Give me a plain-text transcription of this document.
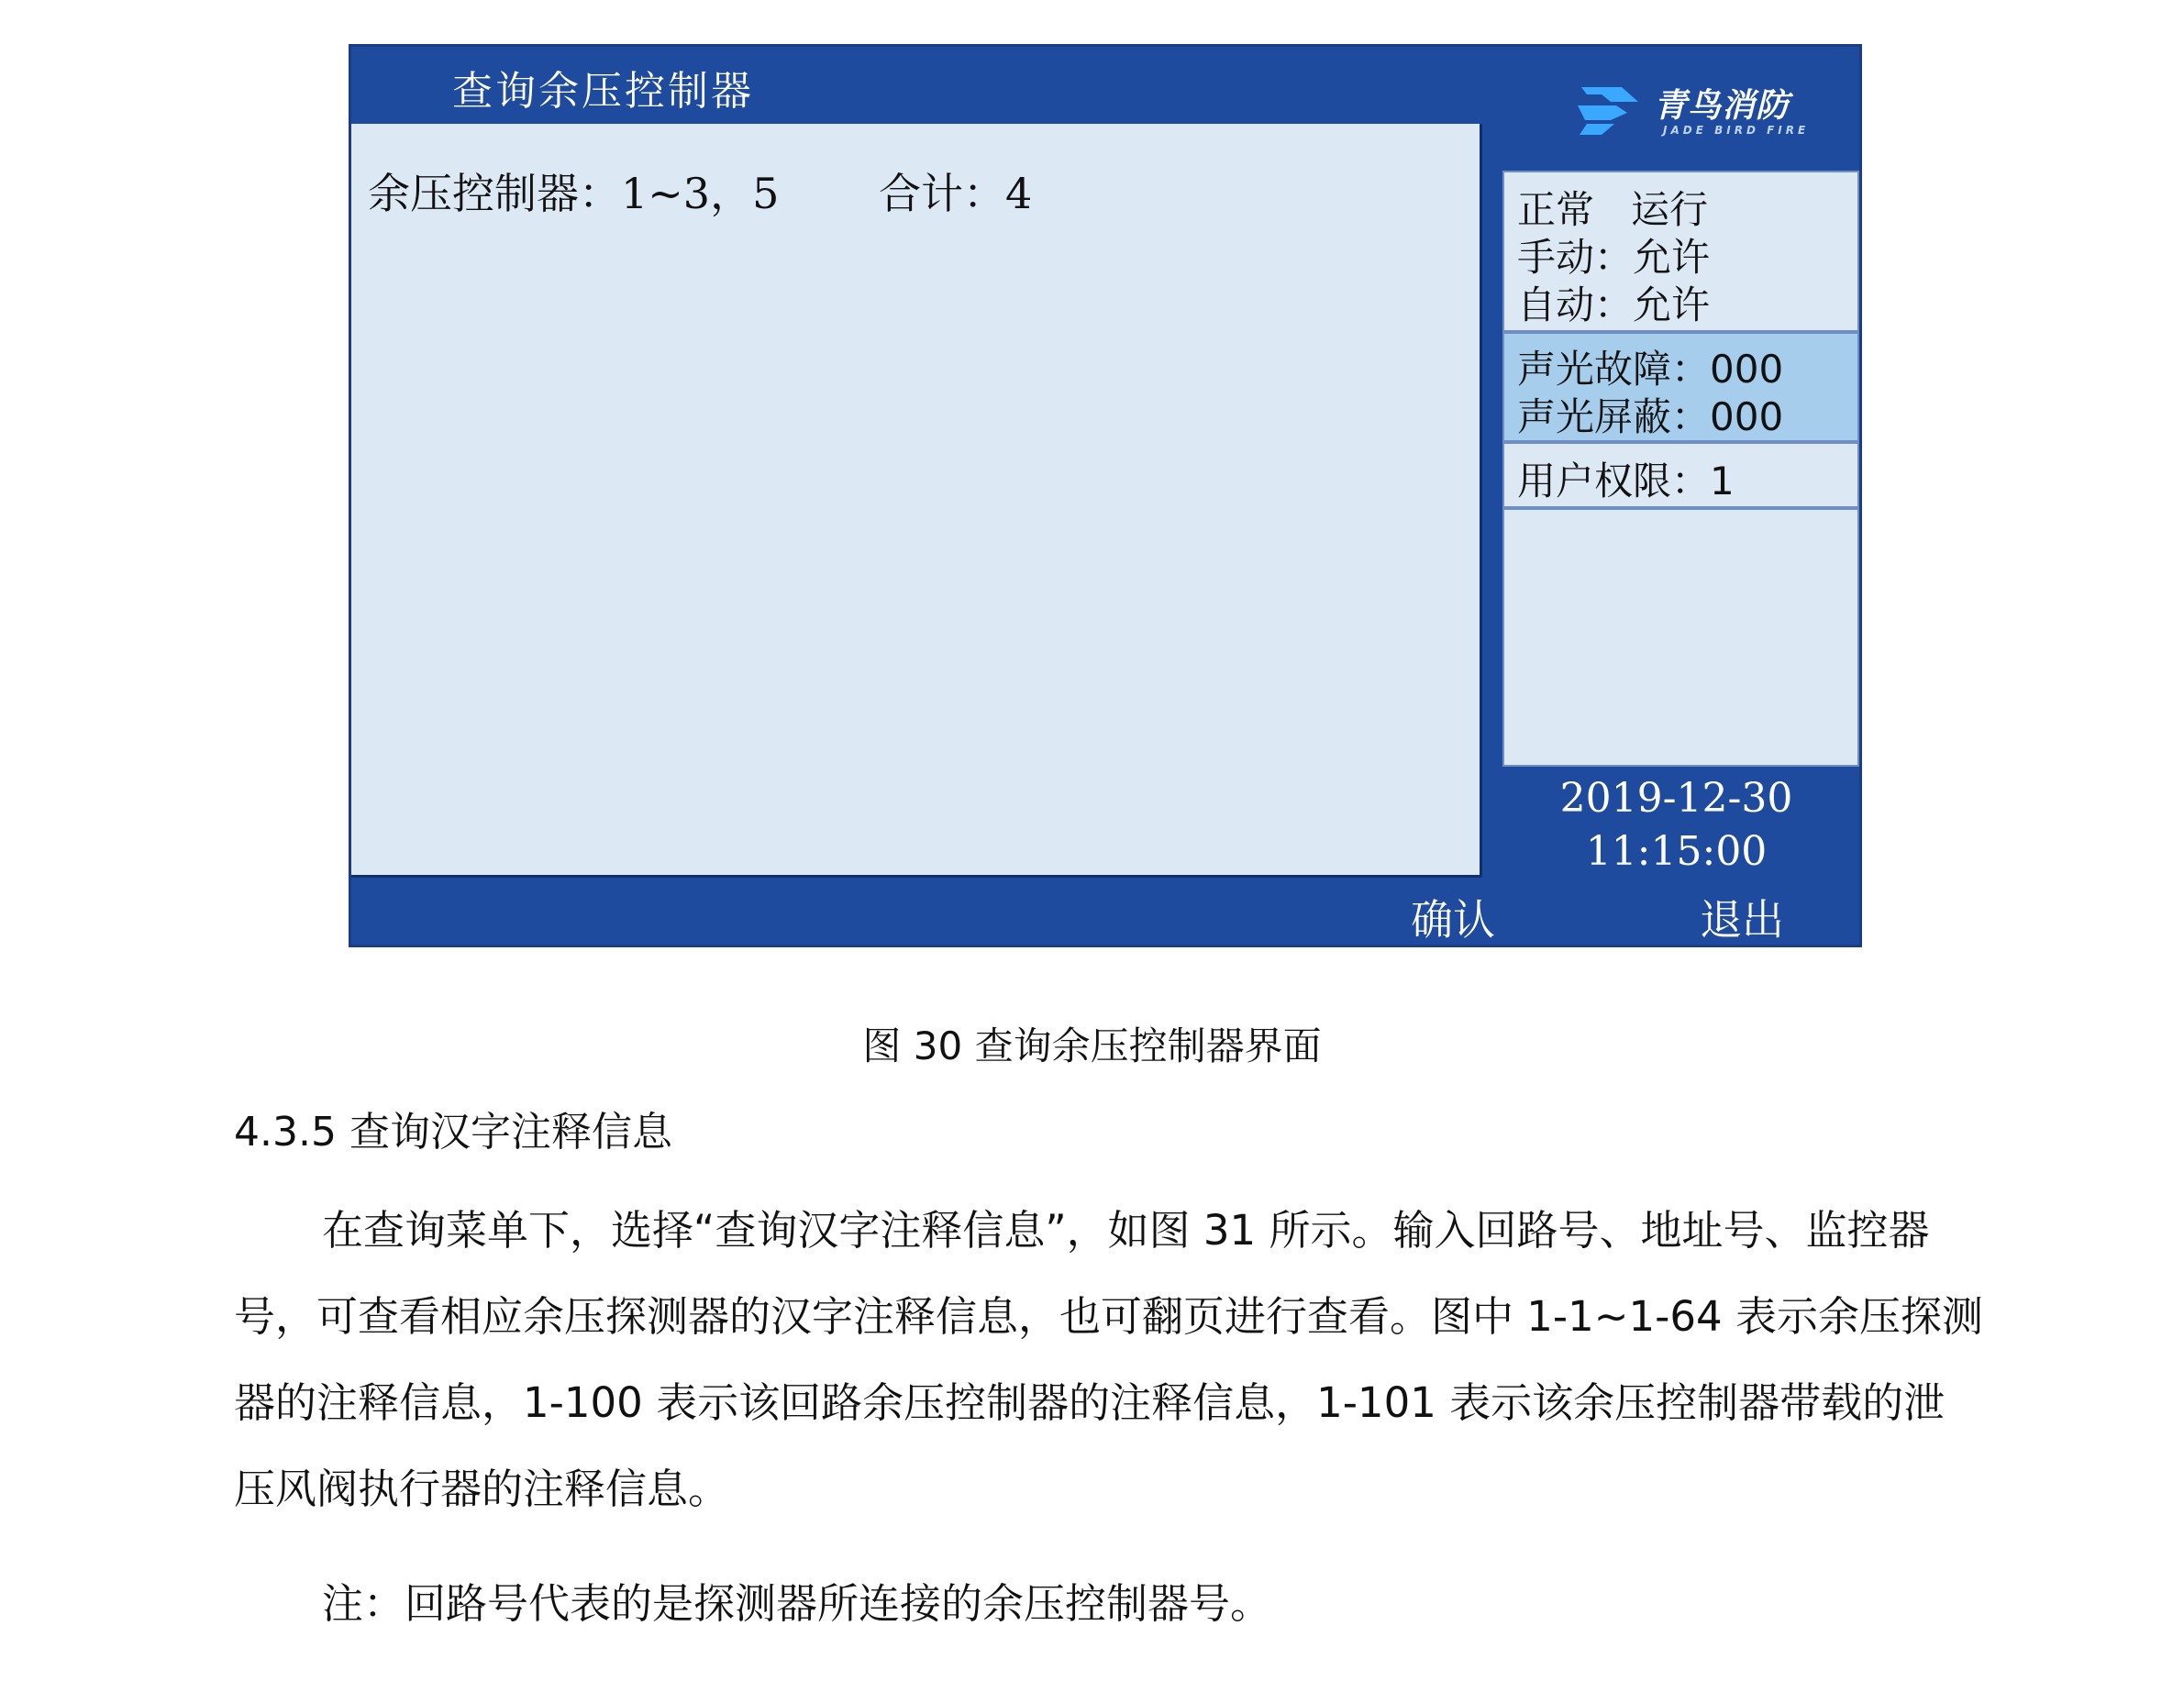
查询余压控制器
余压控制器：1~3，5 合计：4
青鸟消防
JADE BIRD FIRE
正常   运行
手动：允许
自动：允许
声光故障：000
声光屏蔽：000
用户权限：1
2019-12-30
11:15:00
确认	退出
图 30 查询余压控制器界面
4.3.5 查询汉字注释信息

在查询菜单下，选择“查询汉字注释信息”，如图 31 所示。输入回路号、地址号、监控器号，可查看相应余压探测器的汉字注释信息，也可翻页进行查看。图中 1-1~1-64 表示余压探测器的注释信息，1-100 表示该回路余压控制器的注释信息，1-101 表示该余压控制器带载的泄压风阀执行器的注释信息。

注：回路号代表的是探测器所连接的余压控制器号。
